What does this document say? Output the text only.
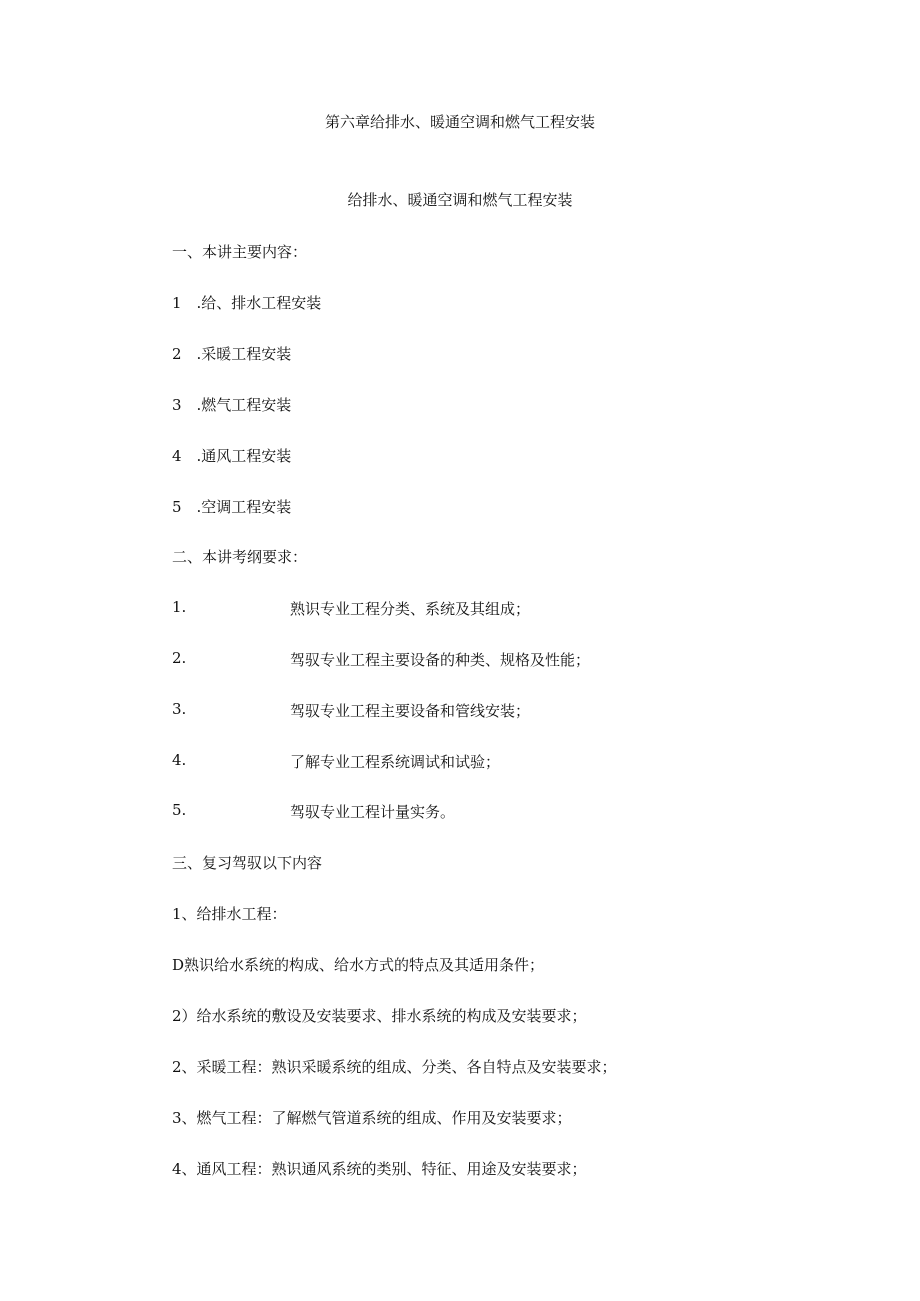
第六章给排水、暖通空调和燃气工程安装
给排水、暖通空调和燃气工程安装
一、本讲主要内容：
1　.给、排水工程安装
2　.采暖工程安装
3　.燃气工程安装
4　.通风工程安装
5　.空调工程安装
二、本讲考纲要求：
1.	熟识专业工程分类、系统及其组成；
2.	驾驭专业工程主要设备的种类、规格及性能；
3.	驾驭专业工程主要设备和管线安装；
4.	了解专业工程系统调试和试验；
5.	驾驭专业工程计量实务。
三、复习驾驭以下内容
1、给排水工程：
D熟识给水系统的构成、给水方式的特点及其适用条件；
2）给水系统的敷设及安装要求、排水系统的构成及安装要求；
2、采暖工程：熟识采暖系统的组成、分类、各自特点及安装要求；
3、燃气工程：了解燃气管道系统的组成、作用及安装要求；
4、通风工程：熟识通风系统的类别、特征、用途及安装要求；
